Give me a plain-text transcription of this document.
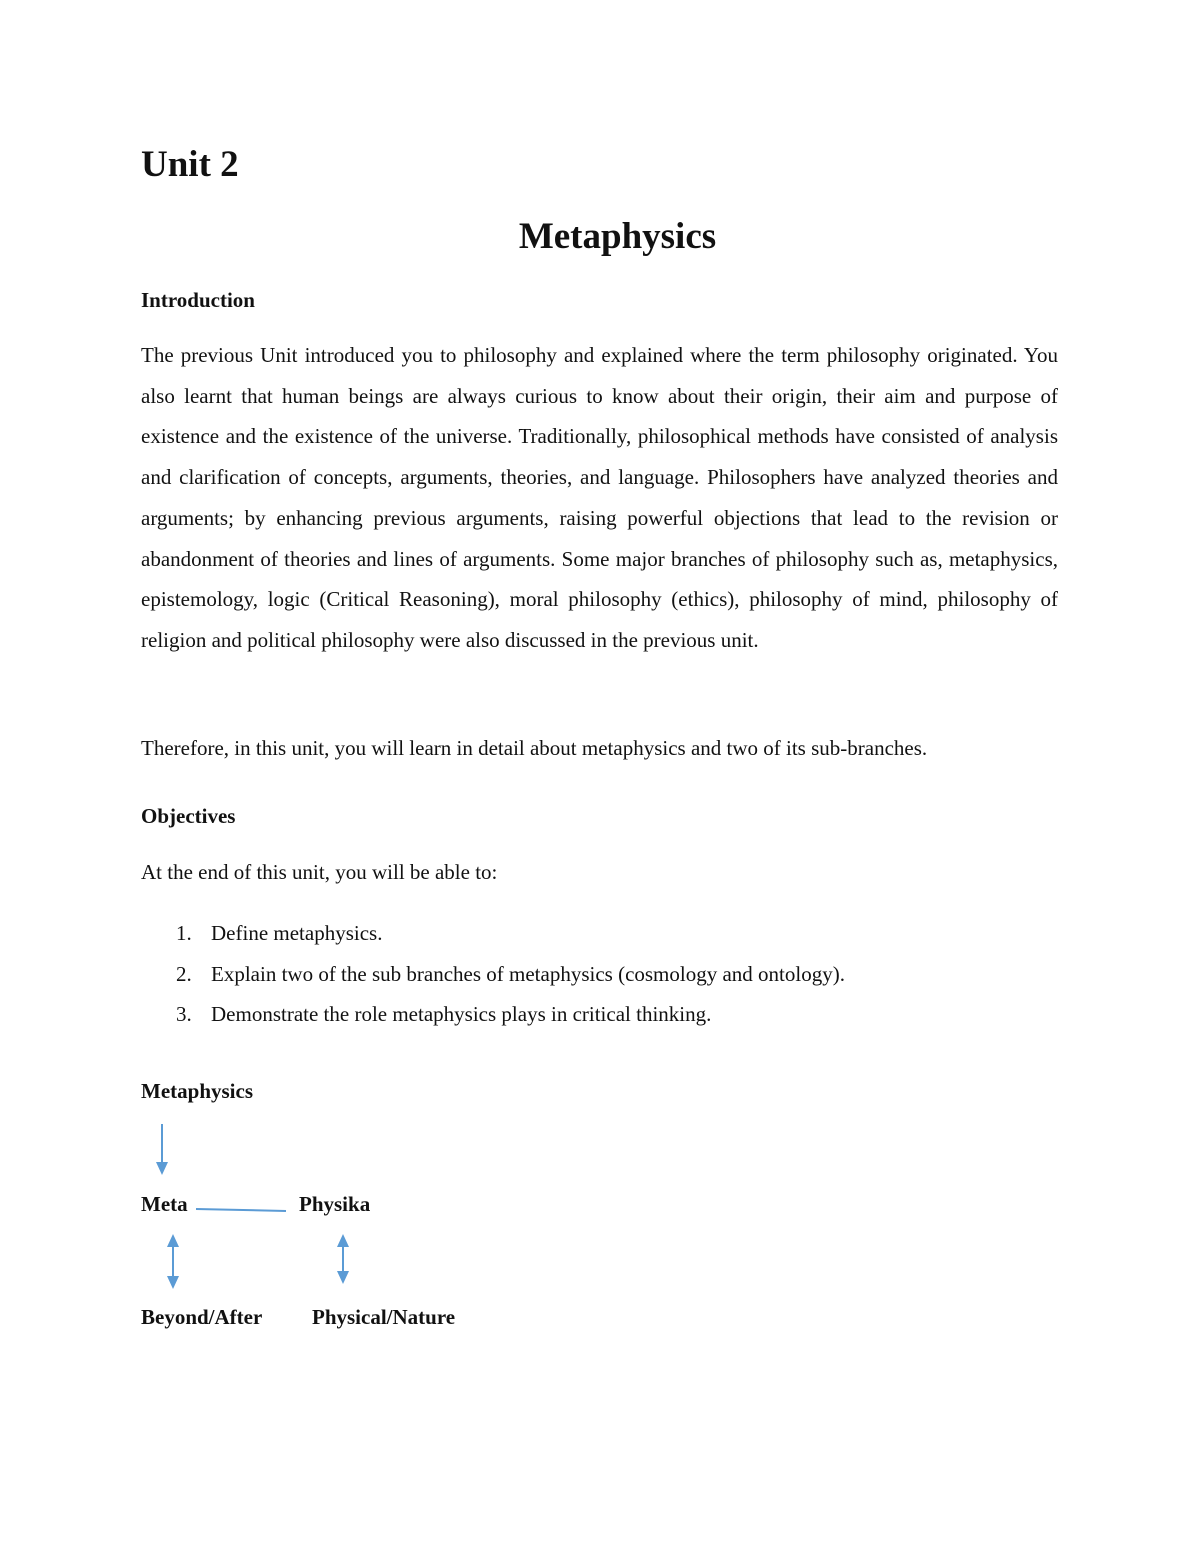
Unit 2
Metaphysics
Introduction

The previous Unit introduced you to philosophy and explained where the term philosophy originated. You also learnt that human beings are always curious to know about their origin, their aim and purpose of existence and the existence of the universe. Traditionally, philosophical methods have consisted of analysis and clarification of concepts, arguments, theories, and language. Philosophers have analyzed theories and arguments; by enhancing previous arguments, raising powerful objections that lead to the revision or abandonment of theories and lines of arguments. Some major branches of philosophy such as, metaphysics, epistemology, logic (Critical Reasoning), moral philosophy (ethics), philosophy of mind, philosophy of religion and political philosophy were also discussed in the previous unit.

Therefore, in this unit, you will learn in detail about metaphysics and two of its sub-branches.

Objectives

At the end of this unit, you will be able to:

1. Define metaphysics.
2. Explain two of the sub branches of metaphysics (cosmology and ontology).
3. Demonstrate the role metaphysics plays in critical thinking.
Metaphysics

Meta	Physika

Beyond/After Physical/Nature
